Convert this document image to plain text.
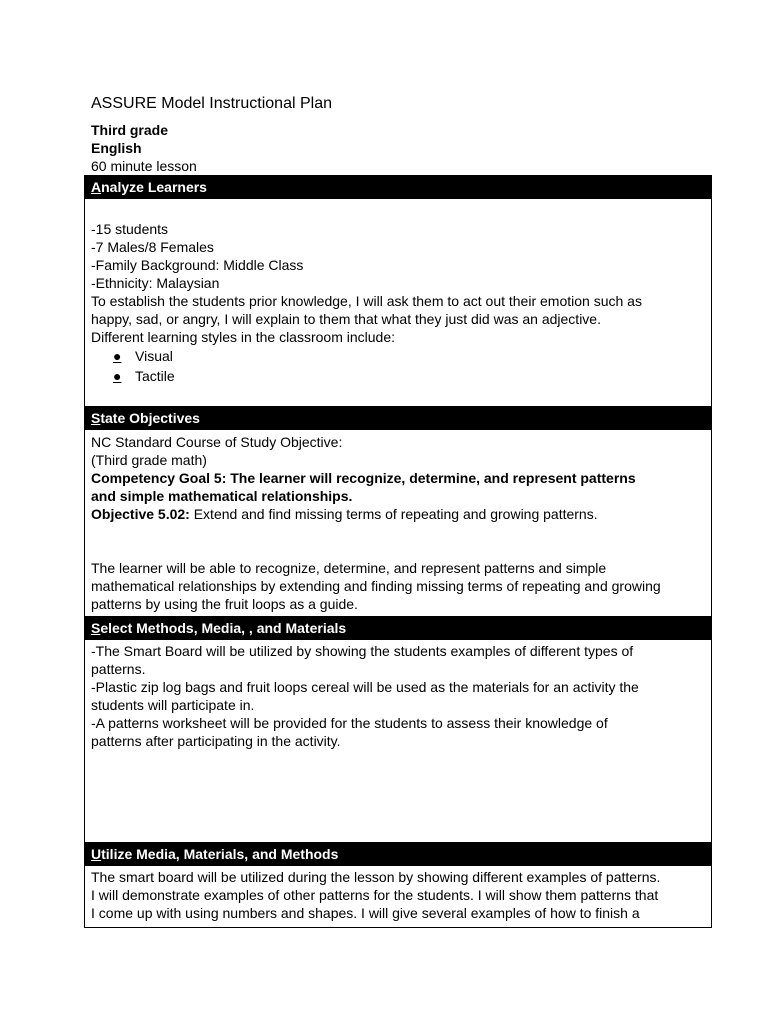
ASSURE Model Instructional Plan
Third grade
English
60 minute lesson
Analyze Learners
-15 students
-7 Males/8 Females
-Family Background: Middle Class
-Ethnicity: Malaysian
To establish the students prior knowledge, I will ask them to act out their emotion such as
happy, sad, or angry, I will explain to them that what they just did was an adjective.
Different learning styles in the classroom include:
● Visual
● Tactile
State Objectives
NC Standard Course of Study Objective:
(Third grade math)
Competency Goal 5: The learner will recognize, determine, and represent patterns
and simple mathematical relationships.
Objective 5.02: Extend and find missing terms of repeating and growing patterns.
The learner will be able to recognize, determine, and represent patterns and simple
mathematical relationships by extending and finding missing terms of repeating and growing
patterns by using the fruit loops as a guide.
Select Methods, Media, , and Materials
-The Smart Board will be utilized by showing the students examples of different types of
patterns.
-Plastic zip log bags and fruit loops cereal will be used as the materials for an activity the
students will participate in.
-A patterns worksheet will be provided for the students to assess their knowledge of
patterns after participating in the activity.
Utilize Media, Materials, and Methods
The smart board will be utilized during the lesson by showing different examples of patterns.
I will demonstrate examples of other patterns for the students. I will show them patterns that
I come up with using numbers and shapes. I will give several examples of how to finish a
